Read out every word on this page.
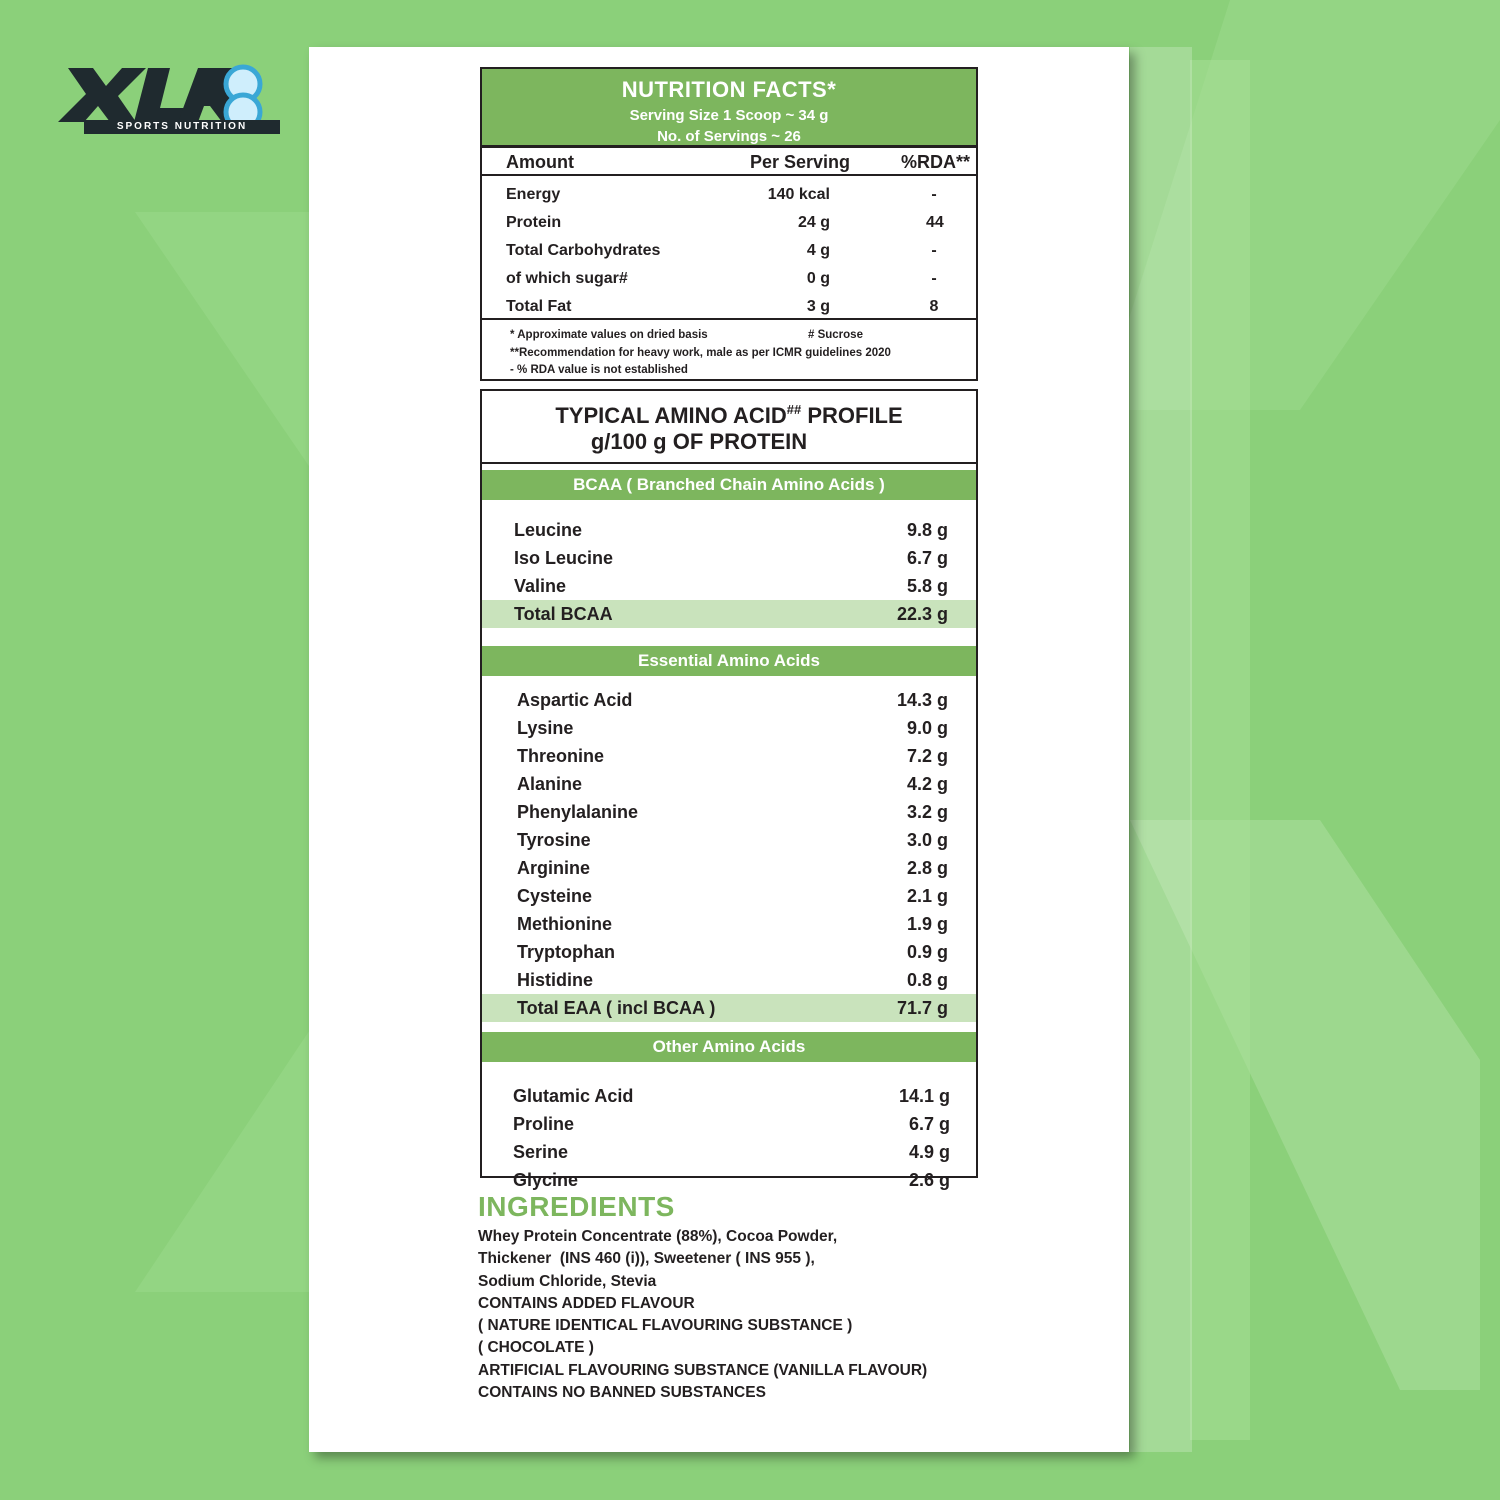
SPORTS NUTRITION
NUTRITION FACTS*
Serving Size 1 Scoop ~ 34 g
No. of Servings ~ 26
Amount	Per Serving	%RDA**
Energy	140 kcal	-
Protein	24 g	44
Total Carbohydrates	4 g	-
of which sugar#	0 g	-
Total Fat	3 g	8
* Approximate values on dried basis	# Sucrose
**Recommendation for heavy work, male as per ICMR guidelines 2020
- % RDA value is not established
TYPICAL AMINO ACID## PROFILE
g/100 g OF PROTEIN
BCAA ( Branched Chain Amino Acids )
Leucine	9.8 g
Iso Leucine	6.7 g
Valine	5.8 g
Total BCAA	22.3 g
Essential Amino Acids
Aspartic Acid	14.3 g
Lysine	9.0 g
Threonine	7.2 g
Alanine	4.2 g
Phenylalanine	3.2 g
Tyrosine	3.0 g
Arginine	2.8 g
Cysteine	2.1 g
Methionine	1.9 g
Tryptophan	0.9 g
Histidine	0.8 g
Total EAA ( incl BCAA )	71.7 g
Other Amino Acids
Glutamic Acid	14.1 g
Proline	6.7 g
Serine	4.9 g
Glycine	2.6 g
INGREDIENTS
Whey Protein Concentrate (88%), Cocoa Powder,
Thickener  (INS 460 (i)), Sweetener ( INS 955 ),
Sodium Chloride, Stevia
CONTAINS ADDED FLAVOUR
( NATURE IDENTICAL FLAVOURING SUBSTANCE )
( CHOCOLATE )
ARTIFICIAL FLAVOURING SUBSTANCE (VANILLA FLAVOUR)
CONTAINS NO BANNED SUBSTANCES
